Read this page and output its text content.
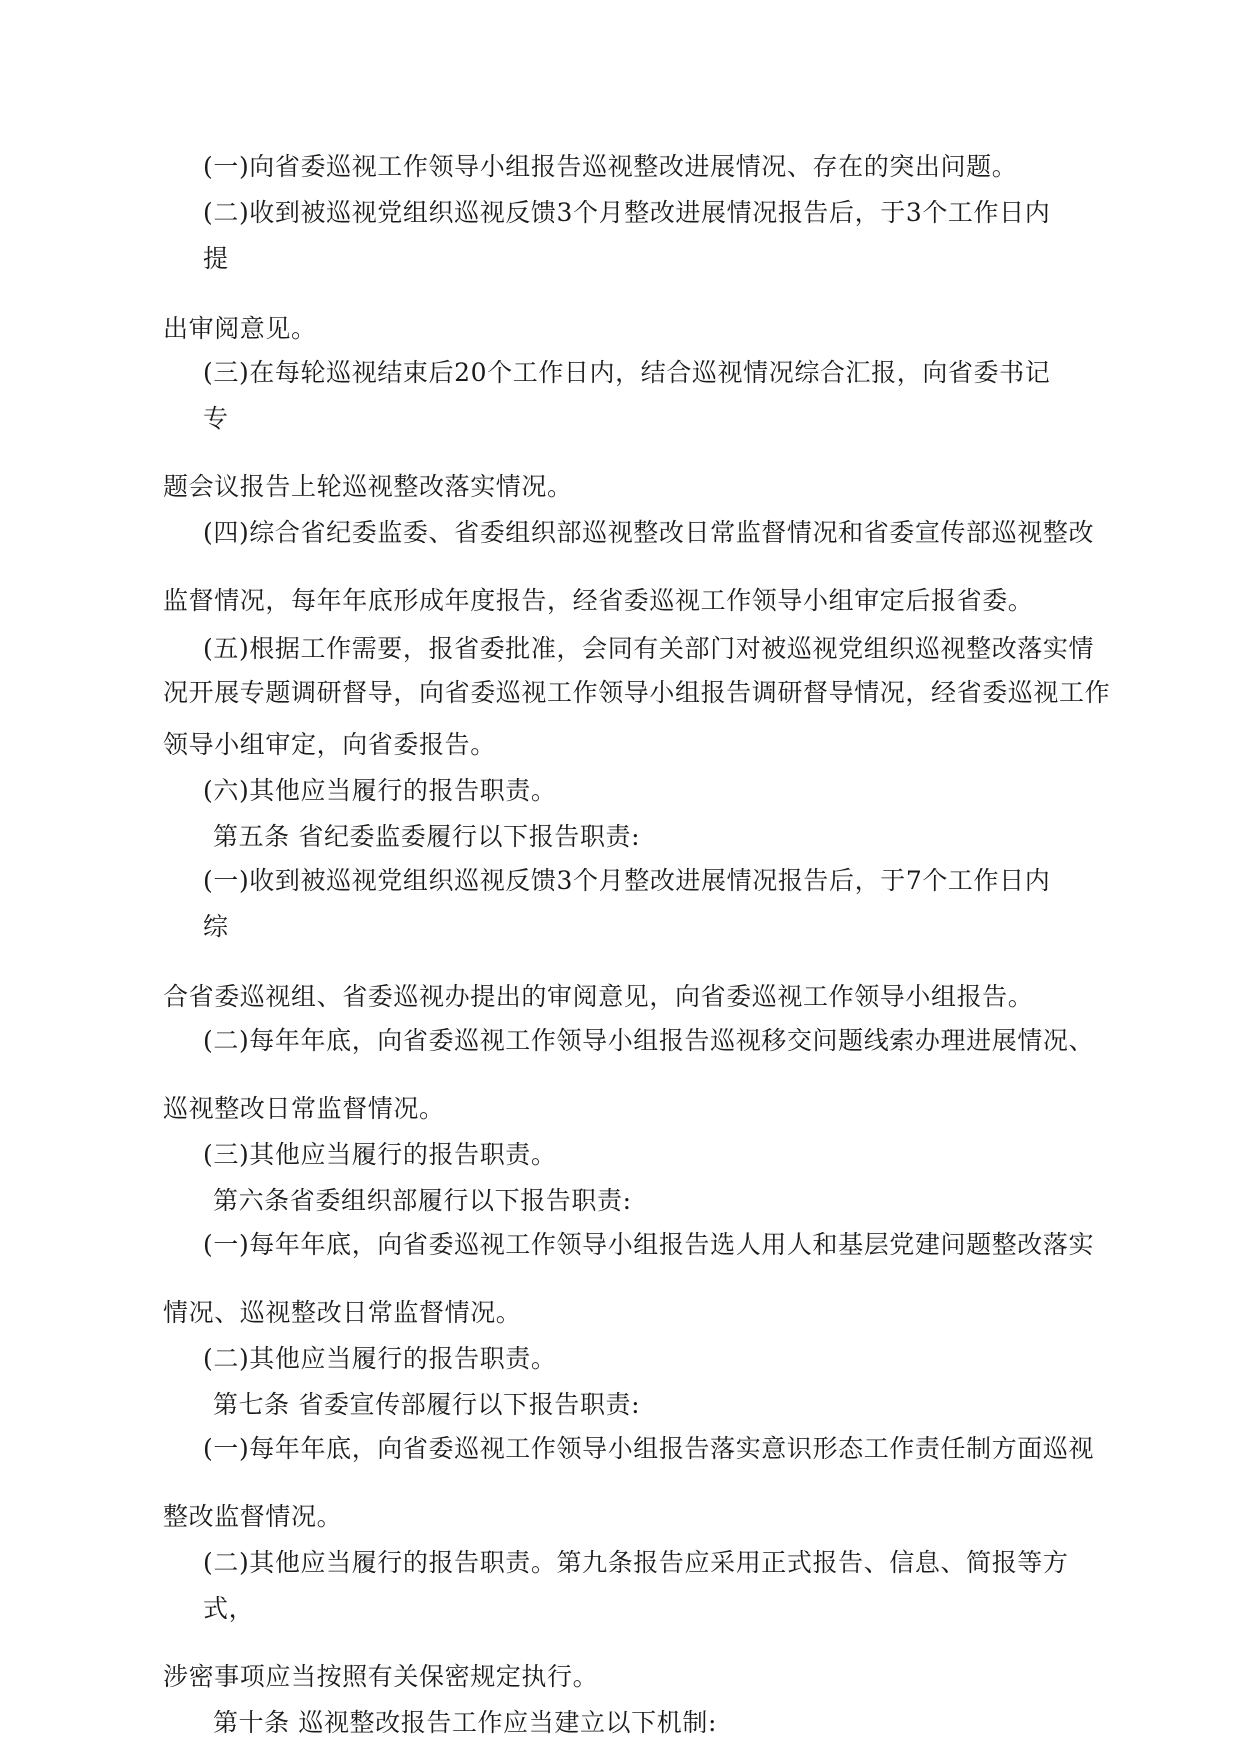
(一)向省委巡视工作领导小组报告巡视整改进展情况、存在的突出问题。
(二)收到被巡视党组织巡视反馈3个月整改进展情况报告后，于3个工作日内
提
出审阅意见。
(三)在每轮巡视结束后20个工作日内，结合巡视情况综合汇报，向省委书记
专
题会议报告上轮巡视整改落实情况。
(四)综合省纪委监委、省委组织部巡视整改日常监督情况和省委宣传部巡视整改
监督情况，每年年底形成年度报告，经省委巡视工作领导小组审定后报省委。
(五)根据工作需要，报省委批准，会同有关部门对被巡视党组织巡视整改落实情
况开展专题调研督导，向省委巡视工作领导小组报告调研督导情况，经省委巡视工作
领导小组审定，向省委报告。
(六)其他应当履行的报告职责。
第五条 省纪委监委履行以下报告职责:
(一)收到被巡视党组织巡视反馈3个月整改进展情况报告后，于7个工作日内
综
合省委巡视组、省委巡视办提出的审阅意见，向省委巡视工作领导小组报告。
(二)每年年底，向省委巡视工作领导小组报告巡视移交问题线索办理进展情况、
巡视整改日常监督情况。
(三)其他应当履行的报告职责。
第六条省委组织部履行以下报告职责:
(一)每年年底，向省委巡视工作领导小组报告选人用人和基层党建问题整改落实
情况、巡视整改日常监督情况。
(二)其他应当履行的报告职责。
第七条 省委宣传部履行以下报告职责:
(一)每年年底，向省委巡视工作领导小组报告落实意识形态工作责任制方面巡视
整改监督情况。
(二)其他应当履行的报告职责。第九条报告应采用正式报告、信息、简报等方
式，
涉密事项应当按照有关保密规定执行。
第十条 巡视整改报告工作应当建立以下机制:
